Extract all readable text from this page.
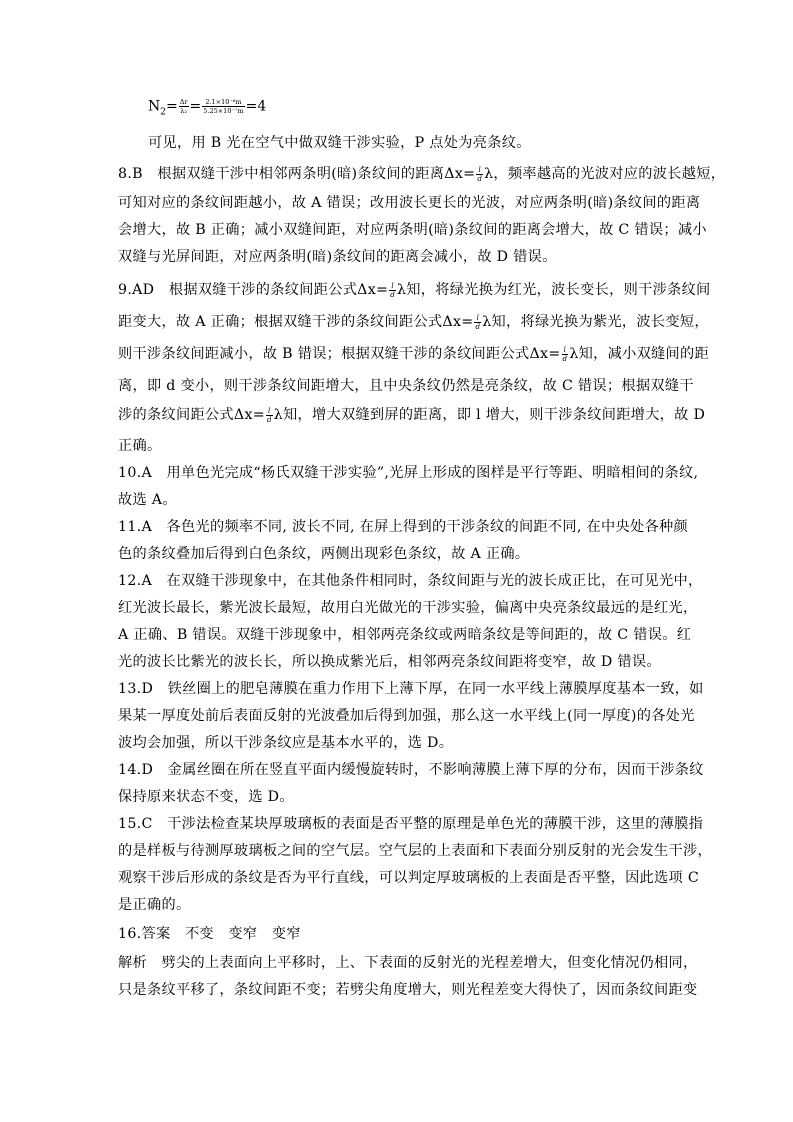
$N_2= \frac{\Delta r}{\text{λ₂}} = \frac{\text{2.1×10⁻⁶m}}{\text{5.25×10⁻⁷m}} =4$
可见，用 B 光在空气中做双缝干涉实验，P 点处为亮条纹。
8.B　根据双缝干涉中相邻两条明(暗)条纹间的距离$\Delta x= \frac{l}{d}$ λ，频率越高的光波对应的波长越短，
可知对应的条纹间距越小，故 A 错误；改用波长更长的光波，对应两条明(暗)条纹间的距离
会增大，故 B 正确；减小双缝间距，对应两条明(暗)条纹间的距离会增大，故 C 错误；减小
双缝与光屏间距，对应两条明(暗)条纹间的距离会减小，故 D 错误。
9.AD　根据双缝干涉的条纹间距公式$\Delta x= \frac{l}{d}$ λ知，将绿光换为红光，波长变长，则干涉条纹间
距变大，故 A 正确；根据双缝干涉的条纹间距公式$\Delta x= \frac{l}{d}$ λ知，将绿光换为紫光，波长变短，
则干涉条纹间距减小，故 B 错误；根据双缝干涉的条纹间距公式$\Delta x= \frac{l}{d}$ λ知，减小双缝间的距
离，即 d 变小，则干涉条纹间距增大，且中央条纹仍然是亮条纹，故 C 错误；根据双缝干
涉的条纹间距公式$\Delta x= \frac{l}{d}$ λ知，增大双缝到屏的距离，即 l 增大，则干涉条纹间距增大，故 D
正确。
10.A　用单色光完成“杨氏双缝干涉实验”,光屏上形成的图样是平行等距、明暗相间的条纹,
故选 A。
11.A　各色光的频率不同, 波长不同, 在屏上得到的干涉条纹的间距不同, 在中央处各种颜
色的条纹叠加后得到白色条纹，两侧出现彩色条纹，故 A 正确。
12.A　在双缝干涉现象中，在其他条件相同时，条纹间距与光的波长成正比，在可见光中，
红光波长最长，紫光波长最短，故用白光做光的干涉实验，偏离中央亮条纹最远的是红光，
A 正确、B 错误。双缝干涉现象中，相邻两亮条纹或两暗条纹是等间距的，故 C 错误。红
光的波长比紫光的波长长，所以换成紫光后，相邻两亮条纹间距将变窄，故 D 错误。
13.D　铁丝圈上的肥皂薄膜在重力作用下上薄下厚，在同一水平线上薄膜厚度基本一致，如
果某一厚度处前后表面反射的光波叠加后得到加强，那么这一水平线上(同一厚度)的各处光
波均会加强，所以干涉条纹应是基本水平的，选 D。
14.D　金属丝圈在所在竖直平面内缓慢旋转时，不影响薄膜上薄下厚的分布，因而干涉条纹
保持原来状态不变，选 D。
15.C　干涉法检查某块厚玻璃板的表面是否平整的原理是单色光的薄膜干涉，这里的薄膜指
的是样板与待测厚玻璃板之间的空气层。空气层的上表面和下表面分别反射的光会发生干涉，
观察干涉后形成的条纹是否为平行直线，可以判定厚玻璃板的上表面是否平整，因此选项 C
是正确的。
16.答案　不变　变窄　变窄
解析　劈尖的上表面向上平移时，上、下表面的反射光的光程差增大，但变化情况仍相同，
只是条纹平移了，条纹间距不变；若劈尖角度增大，则光程差变大得快了，因而条纹间距变
